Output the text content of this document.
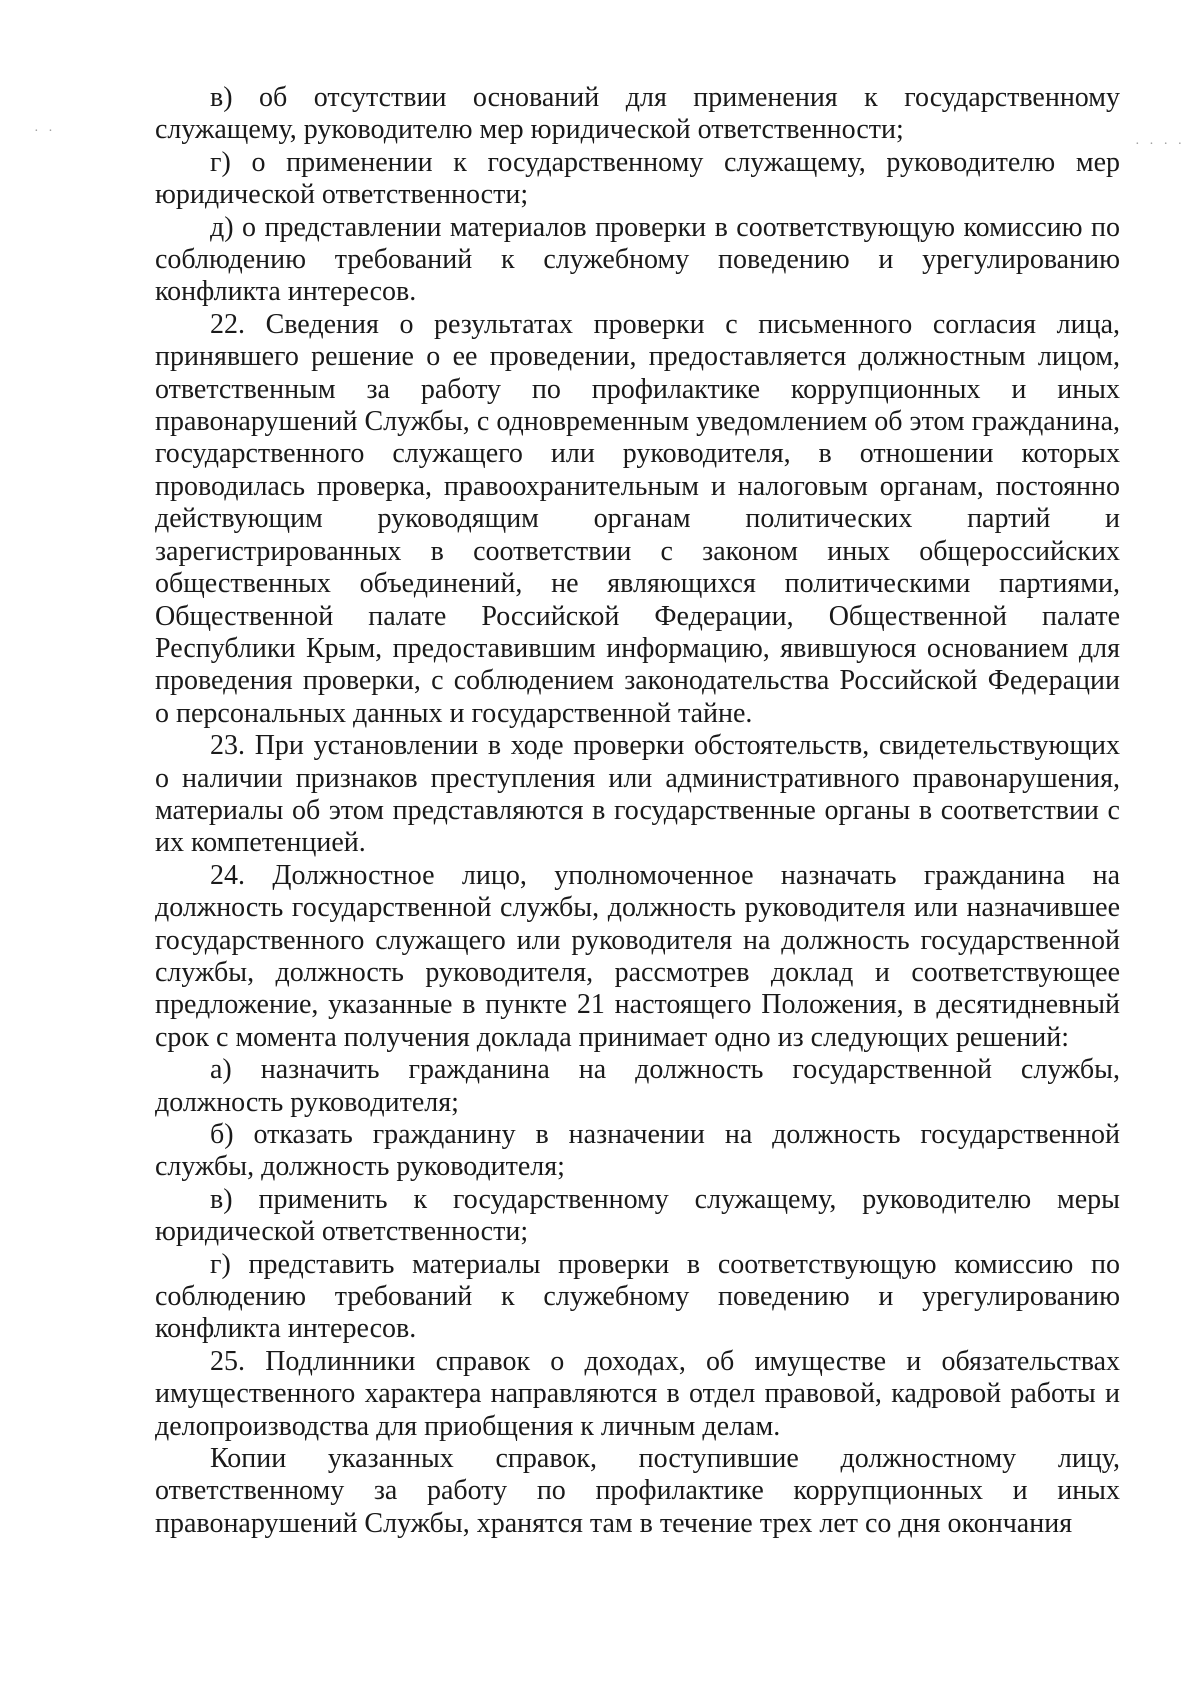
· ·
· · · ·

в) об отсутствии оснований для применения к государственному служащему, руководителю мер юридической ответственности;

г) о применении к государственному служащему, руководителю мер юридической ответственности;

д) о представлении материалов проверки в соответствующую комиссию по соблюдению требований к служебному поведению и урегулированию конфликта интересов.

22. Сведения о результатах проверки с письменного согласия лица, принявшего решение о ее проведении, предоставляется должностным лицом, ответственным за работу по профилактике коррупционных и иных правонарушений Службы, с одновременным уведомлением об этом гражданина, государственного служащего или руководителя, в отношении которых проводилась проверка, правоохранительным и налоговым органам, постоянно действующим руководящим органам политических партий и зарегистрированных в соответствии с законом иных общероссийских общественных объединений, не являющихся политическими партиями, Общественной палате Российской Федерации, Общественной палате Республики Крым, предоставившим информацию, явившуюся основанием для проведения проверки, с соблюдением законодательства Российской Федерации о персональных данных и государственной тайне.

23. При установлении в ходе проверки обстоятельств, свидетельствующих о наличии признаков преступления или административного правонарушения, материалы об этом представляются в государственные органы в соответствии с их компетенцией.

24. Должностное лицо, уполномоченное назначать гражданина на должность государственной службы, должность руководителя или назначившее государственного служащего или руководителя на должность государственной службы, должность руководителя, рассмотрев доклад и соответствующее предложение, указанные в пункте 21 настоящего Положения, в десятидневный срок с момента получения доклада принимает одно из следующих решений:

а) назначить гражданина на должность государственной службы, должность руководителя;

б) отказать гражданину в назначении на должность государственной службы, должность руководителя;

в) применить к государственному служащему, руководителю меры юридической ответственности;

г) представить материалы проверки в соответствующую комиссию по соблюдению требований к служебному поведению и урегулированию конфликта интересов.

25. Подлинники справок о доходах, об имуществе и обязательствах имущественного характера направляются в отдел правовой, кадровой работы и делопроизводства для приобщения к личным делам.

Копии указанных справок, поступившие должностному лицу, ответственному за работу по профилактике коррупционных и иных правонарушений Службы, хранятся там в течение трех лет со дня окончания
